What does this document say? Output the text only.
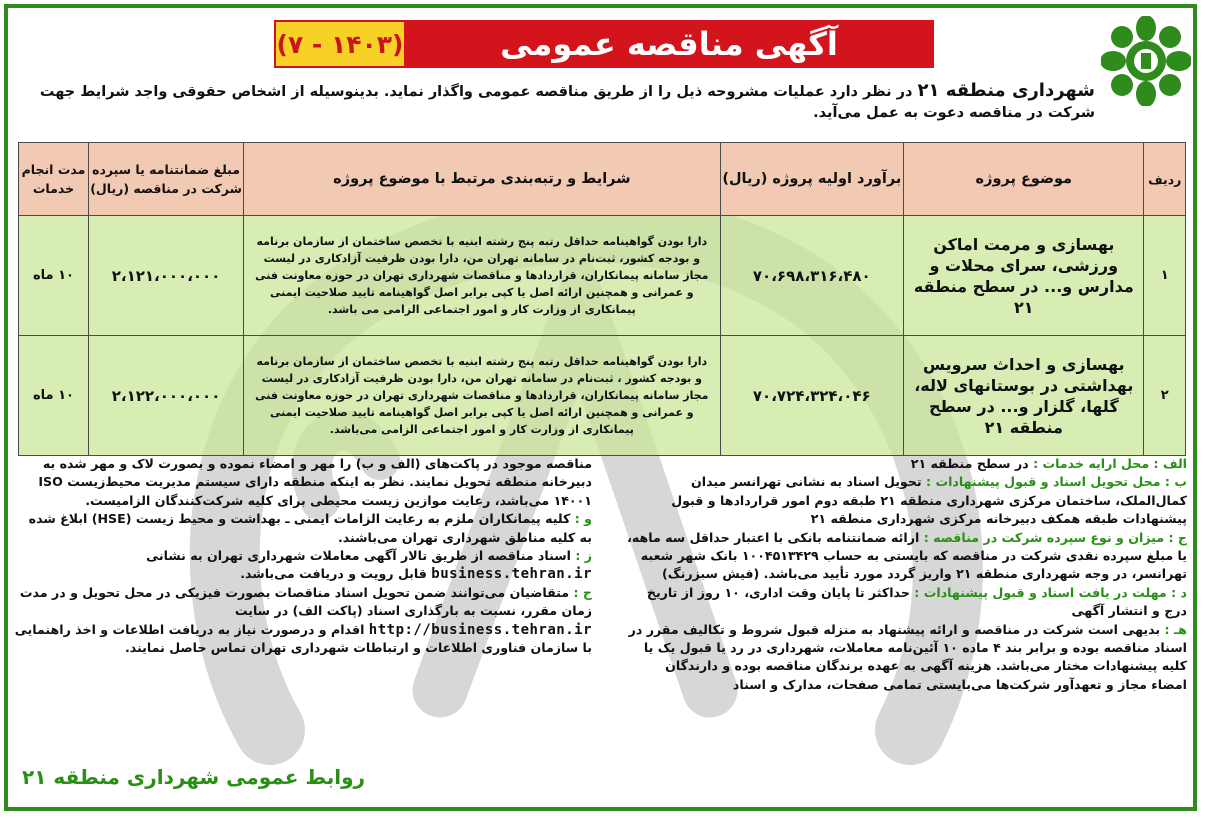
(۷ - ۱۴۰۳)	آگهی مناقصه عمومی
شهرداری منطقه ۲۱ در نظر دارد عملیات مشروحه ذیل را از طریق مناقصه عمومی واگذار نماید. بدینوسیله از اشخاص حقوقی واجد شرایط جهت شرکت در مناقصه دعوت به عمل می‌آید.
ردیف	موضوع پروژه	برآورد اولیه پروژه (ریال)	شرایط و رتبه‌بندی مرتبط با موضوع پروژه	مبلغ ضمانتنامه یا سپرده شرکت در مناقصه (ریال)	مدت انجام خدمات
۱	بهسازی و مرمت اماکن ورزشی، سرای محلات و مدارس و... در سطح منطقه ۲۱	۷۰،۶۹۸،۳۱۶،۴۸۰	دارا بودن گواهینامه حداقل رتبه پنج رشته ابنیه با تخصص ساختمان از سازمان برنامه و بودجه کشور، ثبت‌نام در سامانه تهران من، دارا بودن ظرفیت آزادکاری در لیست مجاز سامانه پیمانکاران، قراردادها و مناقصات شهرداری تهران در حوزه معاونت فنی و عمرانی و همچنین ارائه اصل یا کپی برابر اصل گواهینامه تایید صلاحیت ایمنی پیمانکاری از وزارت کار و امور اجتماعی الزامی می باشد.	۲،۱۲۱،۰۰۰،۰۰۰	۱۰ ماه
۲	بهسازی و احداث سرویس بهداشتی در بوستانهای لاله، گلها، گلزار و... در سطح منطقه ۲۱	۷۰،۷۲۴،۳۲۴،۰۴۶	دارا بودن گواهینامه حداقل رتبه پنج رشته ابنیه با تخصص ساختمان از سازمان برنامه و بودجه کشور ، ثبت‌نام در سامانه تهران من، دارا بودن ظرفیت آزادکاری در لیست مجاز سامانه پیمانکاران، قراردادها و مناقصات شهرداری تهران در حوزه معاونت فنی و عمرانی و همچنین ارائه اصل یا کپی برابر اصل گواهینامه تایید صلاحیت ایمنی پیمانکاری از وزارت کار و امور اجتماعی الزامی می‌باشد.	۲،۱۲۲،۰۰۰،۰۰۰	۱۰ ماه
الف : محل ارایه خدمات : در سطح منطقه ۲۱
ب : محل تحویل اسناد و قبول پیشنهادات : تحویل اسناد به نشانی تهرانسر میدان کمال‌الملک، ساختمان مرکزی شهرداری منطقه ۲۱ طبقه دوم امور قراردادها و قبول پیشنهادات طبقه همکف دبیرخانه مرکزی شهرداری منطقه ۲۱
ج : میزان و نوع سپرده شرکت در مناقصه : ارائه ضمانتنامه بانکی با اعتبار حداقل سه ماهه، یا مبلغ سپرده نقدی شرکت در مناقصه که بایستی به حساب ۱۰۰۴۵۱۳۴۲۹ بانک شهر شعبه تهرانسر، در وجه شهرداری منطقه ۲۱ واریز گردد مورد تأیید می‌باشد. (فیش سبزرنگ)
د : مهلت در یافت اسناد و قبول پیشنهادات : حداکثر تا پایان وقت اداری، ۱۰ روز از تاریخ درج و انتشار آگهی
هـ : بدیهی است شرکت در مناقصه و ارائه پیشنهاد به منزله قبول شروط و تکالیف مقرر در اسناد مناقصه بوده و برابر بند ۴ ماده ۱۰ آئین‌نامه معاملات، شهرداری در رد یا قبول یک یا کلیه پیشنهادات مختار می‌باشد. هزینه آگهی به عهده برندگان مناقصه بوده و دارندگان امضاء مجاز و تعهدآور شرکت‌ها می‌بایستی تمامی صفحات، مدارک و اسناد
مناقصه موجود در پاکت‌های (الف و ب) را مهر و امضاء نموده و بصورت لاک و مهر شده به دبیرخانه منطقه تحویل نمایند. نظر به اینکه منطقه دارای سیستم مدیریت محیط‌زیست ISO ۱۴۰۰۱ می‌باشد، رعایت موازین زیست محیطی برای کلیه شرکت‌کنندگان الزامیست.
و : کلیه پیمانکاران ملزم به رعایت الزامات ایمنی ـ بهداشت و محیط زیست (HSE) ابلاغ شده به کلیه مناطق شهرداری تهران می‌باشند.
ز : اسناد مناقصه از طریق تالار آگهی معاملات شهرداری تهران به نشانی business.tehran.ir قابل رویت و دریافت می‌باشد.
ح : متقاضیان می‌توانند ضمن تحویل اسناد مناقصات بصورت فیزیکی در محل تحویل و در مدت زمان مقرر، نسبت به بارگذاری اسناد (پاکت الف) در سایت http://business.tehran.ir اقدام و درصورت نیاز به دریافت اطلاعات و اخذ راهنمایی با سازمان فناوری اطلاعات و ارتباطات شهرداری تهران تماس حاصل نمایند.
روابط عمومی شهرداری منطقه ۲۱
